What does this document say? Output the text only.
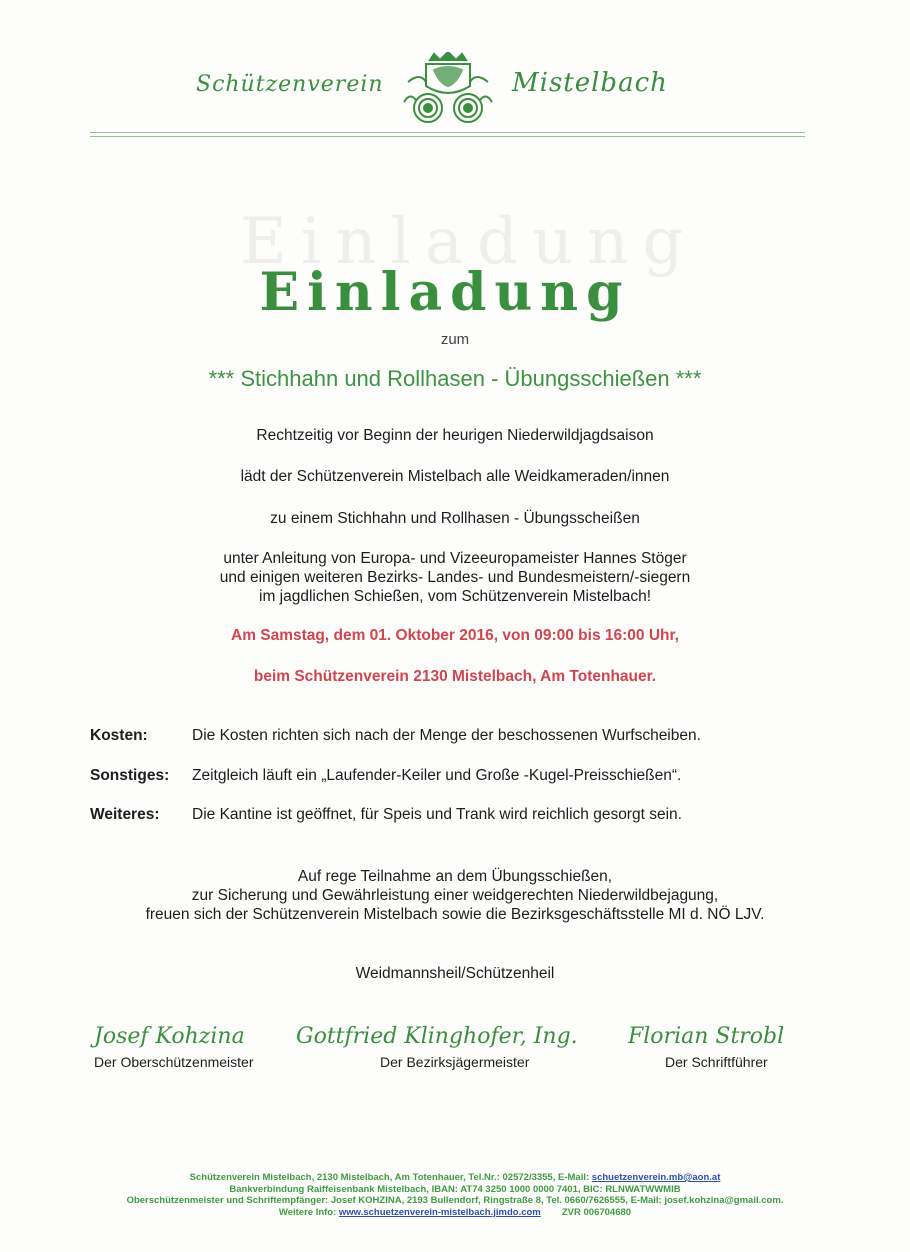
Schützenverein	Mistelbach
Einladung
Einladung
zum
*** Stichhahn und Rollhasen - Übungsschießen ***
Rechtzeitig vor Beginn der heurigen Niederwildjagdsaison
lädt der Schützenverein Mistelbach alle Weidkameraden/innen
zu einem Stichhahn und Rollhasen - Übungsscheißen
unter Anleitung von Europa- und Vizeeuropameister Hannes Stöger
und einigen weiteren Bezirks- Landes- und Bundesmeistern/-siegern
im jagdlichen Schießen, vom Schützenverein Mistelbach!
Am Samstag, dem 01. Oktober 2016, von 09:00 bis 16:00 Uhr,
beim Schützenverein 2130 Mistelbach, Am Totenhauer.
Kosten:	Die Kosten richten sich nach der Menge der beschossenen Wurfscheiben.
Sonstiges: Zeitgleich läuft ein „Laufender-Keiler und Große -Kugel-Preisschießen“.
Weiteres: Die Kantine ist geöffnet, für Speis und Trank wird reichlich gesorgt sein.
Auf rege Teilnahme an dem Übungsschießen,
zur Sicherung und Gewährleistung einer weidgerechten Niederwildbejagung,
freuen sich der Schützenverein Mistelbach sowie die Bezirksgeschäftsstelle MI d. NÖ LJV.
Weidmannsheil/Schützenheil
Josef Kohzina
Der Oberschützenmeister
Gottfried Klinghofer, Ing.
Der Bezirksjägermeister
Florian Strobl
Der Schriftführer
Schützenverein Mistelbach, 2130 Mistelbach, Am Totenhauer, Tel.Nr.: 02572/3355, E-Mail: schuetzenverein.mb@aon.at
Bankverbindung Raiffeisenbank Mistelbach, IBAN: AT74 3250 1000 0000 7401, BIC: RLNWATWWMIB
Oberschützenmeister und Schriftempfänger: Josef KOHZINA, 2193 Bullendorf, Ringstraße 8, Tel. 0660/7626555, E-Mail: josef.kohzina@gmail.com.
Weitere Info: www.schuetzenverein-mistelbach.jimdo.com ZVR 006704680
